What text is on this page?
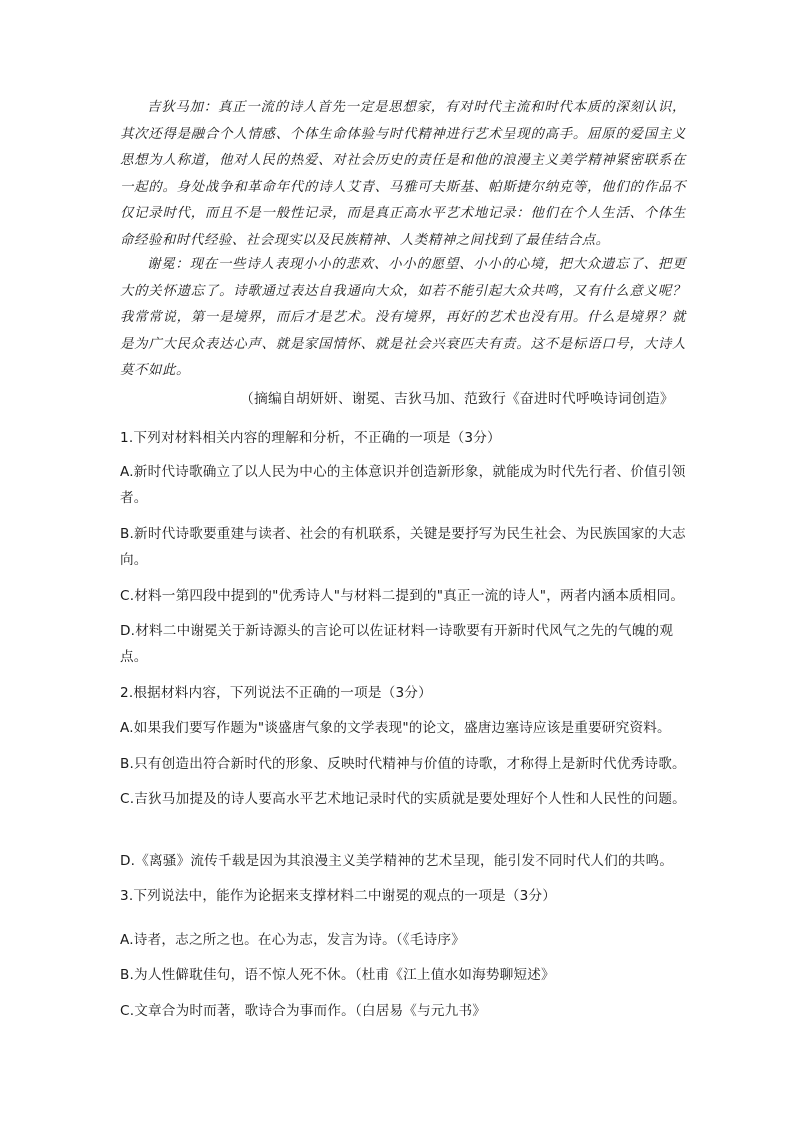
吉狄马加：真正一流的诗人首先一定是思想家，有对时代主流和时代本质的深刻认识，其次还得是融合个人情感、个体生命体验与时代精神进行艺术呈现的高手。屈原的爱国主义思想为人称道，他对人民的热爱、对社会历史的责任是和他的浪漫主义美学精神紧密联系在一起的。身处战争和革命年代的诗人艾青、马雅可夫斯基、帕斯捷尔纳克等，他们的作品不仅记录时代，而且不是一般性记录，而是真正高水平艺术地记录：他们在个人生活、个体生命经验和时代经验、社会现实以及民族精神、人类精神之间找到了最佳结合点。

谢冕：现在一些诗人表现小小的悲欢、小小的愿望、小小的心境，把大众遗忘了、把更大的关怀遗忘了。诗歌通过表达自我通向大众，如若不能引起大众共鸣，又有什么意义呢？我常常说，第一是境界，而后才是艺术。没有境界，再好的艺术也没有用。什么是境界？就是为广大民众表达心声、就是家国情怀、就是社会兴衰匹夫有责。这不是标语口号，大诗人莫不如此。

（摘编自胡妍妍、谢冕、吉狄马加、范致行《奋进时代呼唤诗词创造》

1.下列对材料相关内容的理解和分析，不正确的一项是（3分）

A.新时代诗歌确立了以人民为中心的主体意识并创造新形象，就能成为时代先行者、价值引领者。

B.新时代诗歌要重建与读者、社会的有机联系，关键是要抒写为民生社会、为民族国家的大志向。

C.材料一第四段中提到的"优秀诗人"与材料二提到的"真正一流的诗人"，两者内涵本质相同。

D.材料二中谢冕关于新诗源头的言论可以佐证材料一诗歌要有开新时代风气之先的气魄的观点。

2.根据材料内容，下列说法不正确的一项是（3分）

A.如果我们要写作题为"谈盛唐气象的文学表现"的论文，盛唐边塞诗应该是重要研究资料。

B.只有创造出符合新时代的形象、反映时代精神与价值的诗歌，才称得上是新时代优秀诗歌。

C.吉狄马加提及的诗人要高水平艺术地记录时代的实质就是要处理好个人性和人民性的问题。

D.《离骚》流传千载是因为其浪漫主义美学精神的艺术呈现，能引发不同时代人们的共鸣。

3.下列说法中，能作为论据来支撑材料二中谢冕的观点的一项是（3分）

A.诗者，志之所之也。在心为志，发言为诗。（《毛诗序》

B.为人性僻耽佳句，语不惊人死不休。（杜甫《江上值水如海势聊短述》

C.文章合为时而著，歌诗合为事而作。（白居易《与元九书》
